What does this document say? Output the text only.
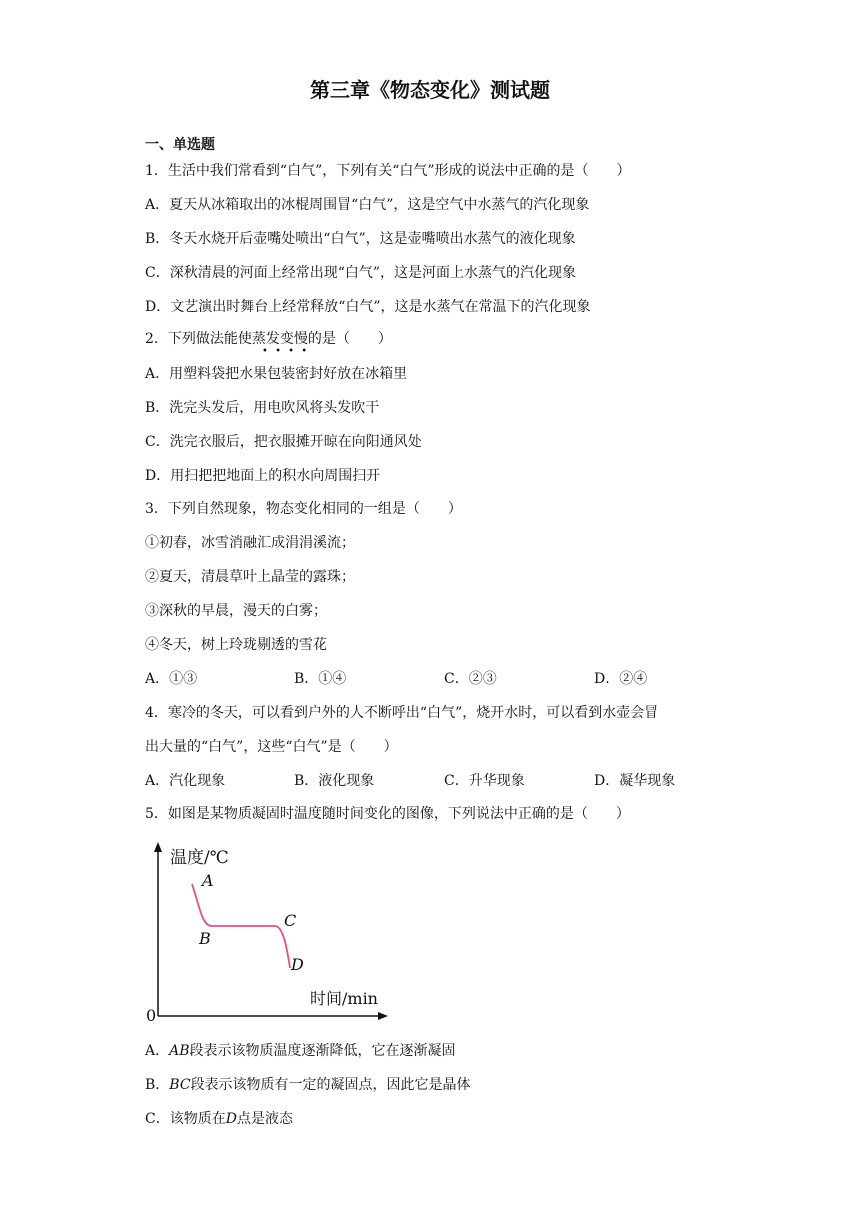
第三章《物态变化》测试题
一、单选题
1．生活中我们常看到“白气”，下列有关“白气”形成的说法中正确的是（　　）
A．夏天从冰箱取出的冰棍周围冒“白气”，这是空气中水蒸气的汽化现象
B．冬天水烧开后壶嘴处喷出“白气”，这是壶嘴喷出水蒸气的液化现象
C．深秋清晨的河面上经常出现“白气”，这是河面上水蒸气的汽化现象
D．文艺演出时舞台上经常释放“白气”，这是水蒸气在常温下的汽化现象
2．下列做法能使蒸发变慢的是（　　）
• • • •
A．用塑料袋把水果包装密封好放在冰箱里
B．洗完头发后，用电吹风将头发吹干
C．洗完衣服后，把衣服摊开晾在向阳通风处
D．用扫把把地面上的积水向周围扫开
3．下列自然现象，物态变化相同的一组是（　　）
①初春，冰雪消融汇成涓涓溪流；
②夏天，清晨草叶上晶莹的露珠；
③深秋的早晨，漫天的白雾；
④冬天，树上玲珑剔透的雪花
A．①③	B．①④	C．②③	D．②④
4．寒冷的冬天，可以看到户外的人不断呼出“白气”，烧开水时，可以看到水壶会冒
出大量的“白气”，这些“白气”是（　　）
A．汽化现象	B．液化现象	C．升华现象	D．凝华现象
5．如图是某物质凝固时温度随时间变化的图像，下列说法中正确的是（　　）
温度/℃
时间/min
0
A
B
C
D
A．AB段表示该物质温度逐渐降低，它在逐渐凝固
B．BC段表示该物质有一定的凝固点，因此它是晶体
C．该物质在D点是液态
